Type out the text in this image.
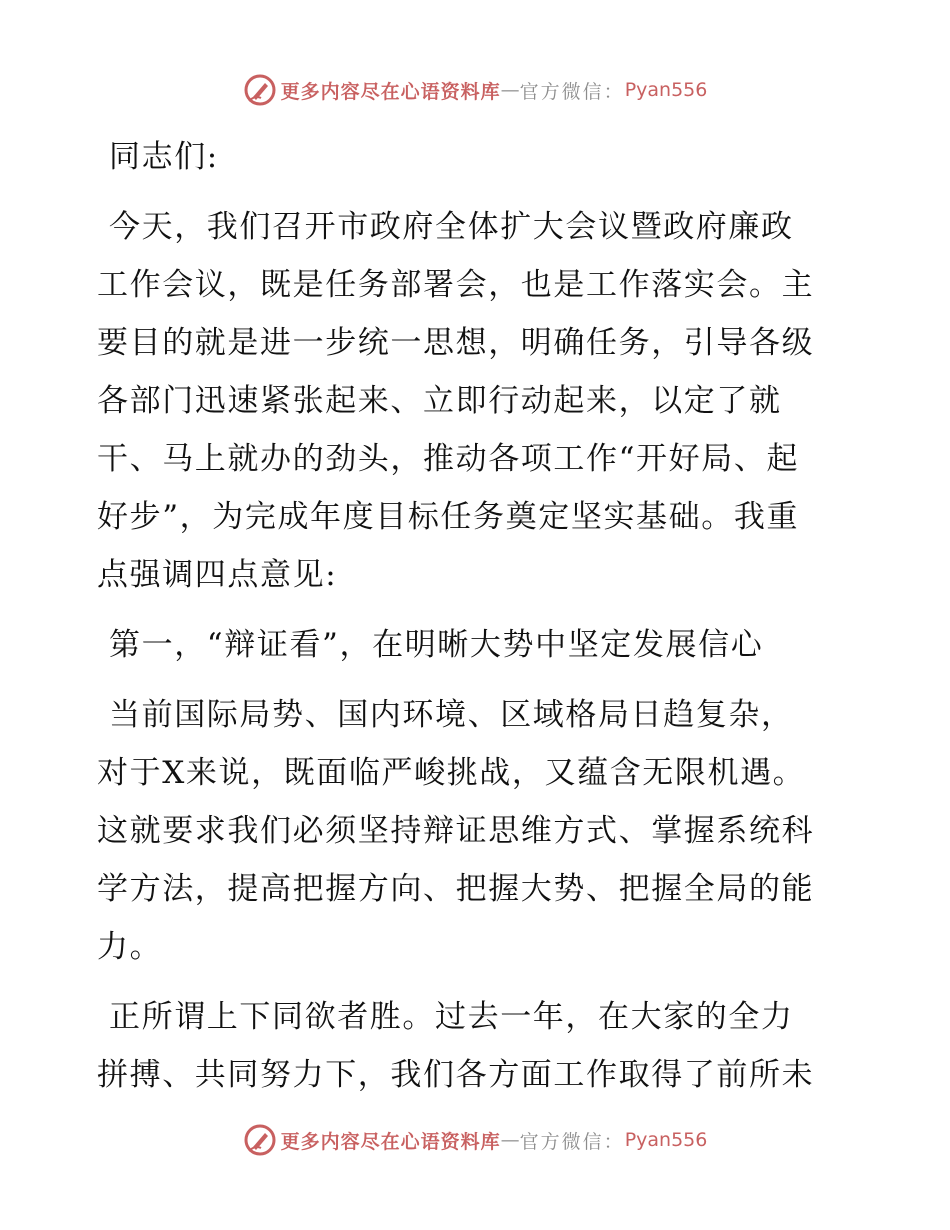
更多内容尽在心语资料库 — 官方微信： Pyan556

同志们:

今天，我们召开市政府全体扩大会议暨政府廉政
工作会议，既是任务部署会，也是工作落实会。主
要目的就是进一步统一思想，明确任务，引导各级
各部门迅速紧张起来、立即行动起来，以定了就
干、马上就办的劲头，推动各项工作“开好局、起
好步”，为完成年度目标任务奠定坚实基础。我重
点强调四点意见:

第一，“辩证看”，在明晰大势中坚定发展信心

当前国际局势、国内环境、区域格局日趋复杂，
对于X来说，既面临严峻挑战，又蕴含无限机遇。
这就要求我们必须坚持辩证思维方式、掌握系统科
学方法，提高把握方向、把握大势、把握全局的能
力。

正所谓上下同欲者胜。过去一年，在大家的全力
拼搏、共同努力下，我们各方面工作取得了前所未

更多内容尽在心语资料库 — 官方微信： Pyan556
